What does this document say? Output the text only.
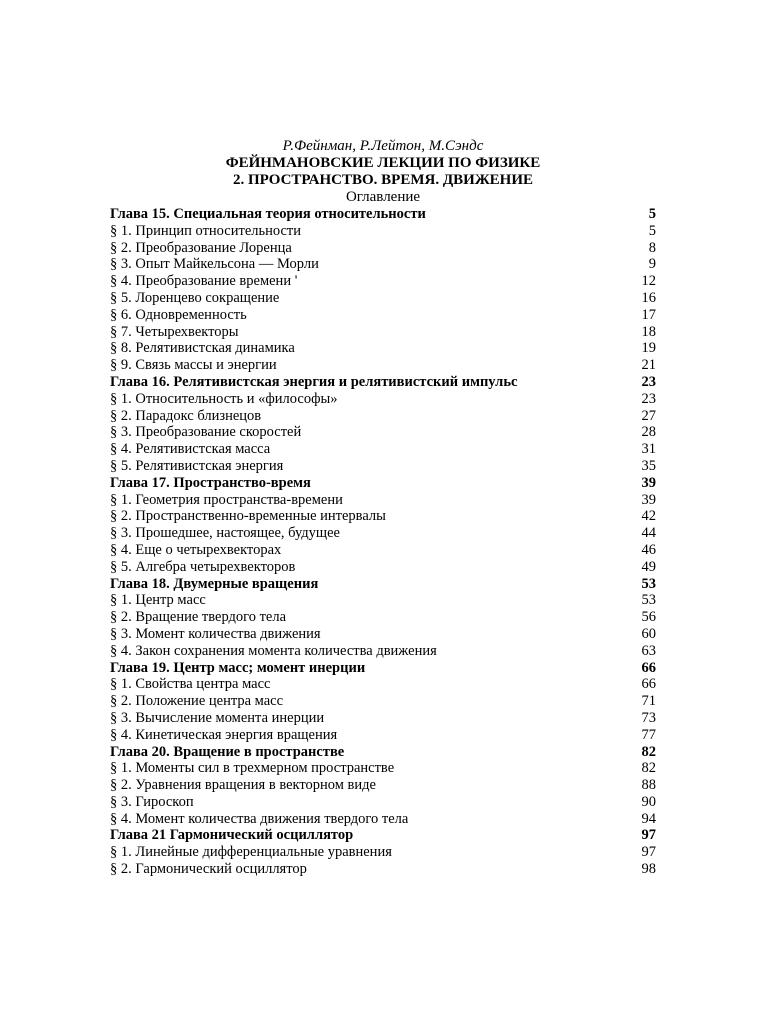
Р.Фейнман, Р.Лейтон, М.Сэндс
ФЕЙНМАНОВСКИЕ ЛЕКЦИИ ПО ФИЗИКЕ
2. ПРОСТРАНСТВО. ВРЕМЯ. ДВИЖЕНИЕ
Оглавление
Глава 15. Специальная теория относительности	5
§ 1. Принцип относительности	5
§ 2. Преобразование Лоренца	8
§ 3. Опыт Майкельсона — Морли	9
§ 4. Преобразование времени '	12
§ 5. Лоренцево сокращение	16
§ 6. Одновременность	17
§ 7. Четырехвекторы	18
§ 8. Релятивистская динамика	19
§ 9. Связь массы и энергии	21
Глава 16. Релятивистская энергия и релятивистский импульс	23
§ 1. Относительность и «философы»	23
§ 2. Парадокс близнецов	27
§ 3. Преобразование скоростей	28
§ 4. Релятивистская масса	31
§ 5. Релятивистская энергия	35
Глава 17. Пространство-время	39
§ 1. Геометрия пространства-времени	39
§ 2. Пространственно-временные интервалы	42
§ 3. Прошедшее, настоящее, будущее	44
§ 4. Еще о четырехвекторах	46
§ 5. Алгебра четырехвекторов	49
Глава 18. Двумерные вращения	53
§ 1. Центр масс	53
§ 2. Вращение твердого тела	56
§ 3. Момент количества движения	60
§ 4. Закон сохранения момента количества движения	63
Глава 19. Центр масс; момент инерции	66
§ 1. Свойства центра масс	66
§ 2. Положение центра масс	71
§ 3. Вычисление момента инерции	73
§ 4. Кинетическая энергия вращения	77
Глава 20. Вращение в пространстве	82
§ 1. Моменты сил в трехмерном пространстве	82
§ 2. Уравнения вращения в векторном виде	88
§ 3. Гироскоп	90
§ 4. Момент количества движения твердого тела	94
Глава 21 Гармонический осциллятор	97
§ 1. Линейные дифференциальные уравнения	97
§ 2. Гармонический осциллятор	98
